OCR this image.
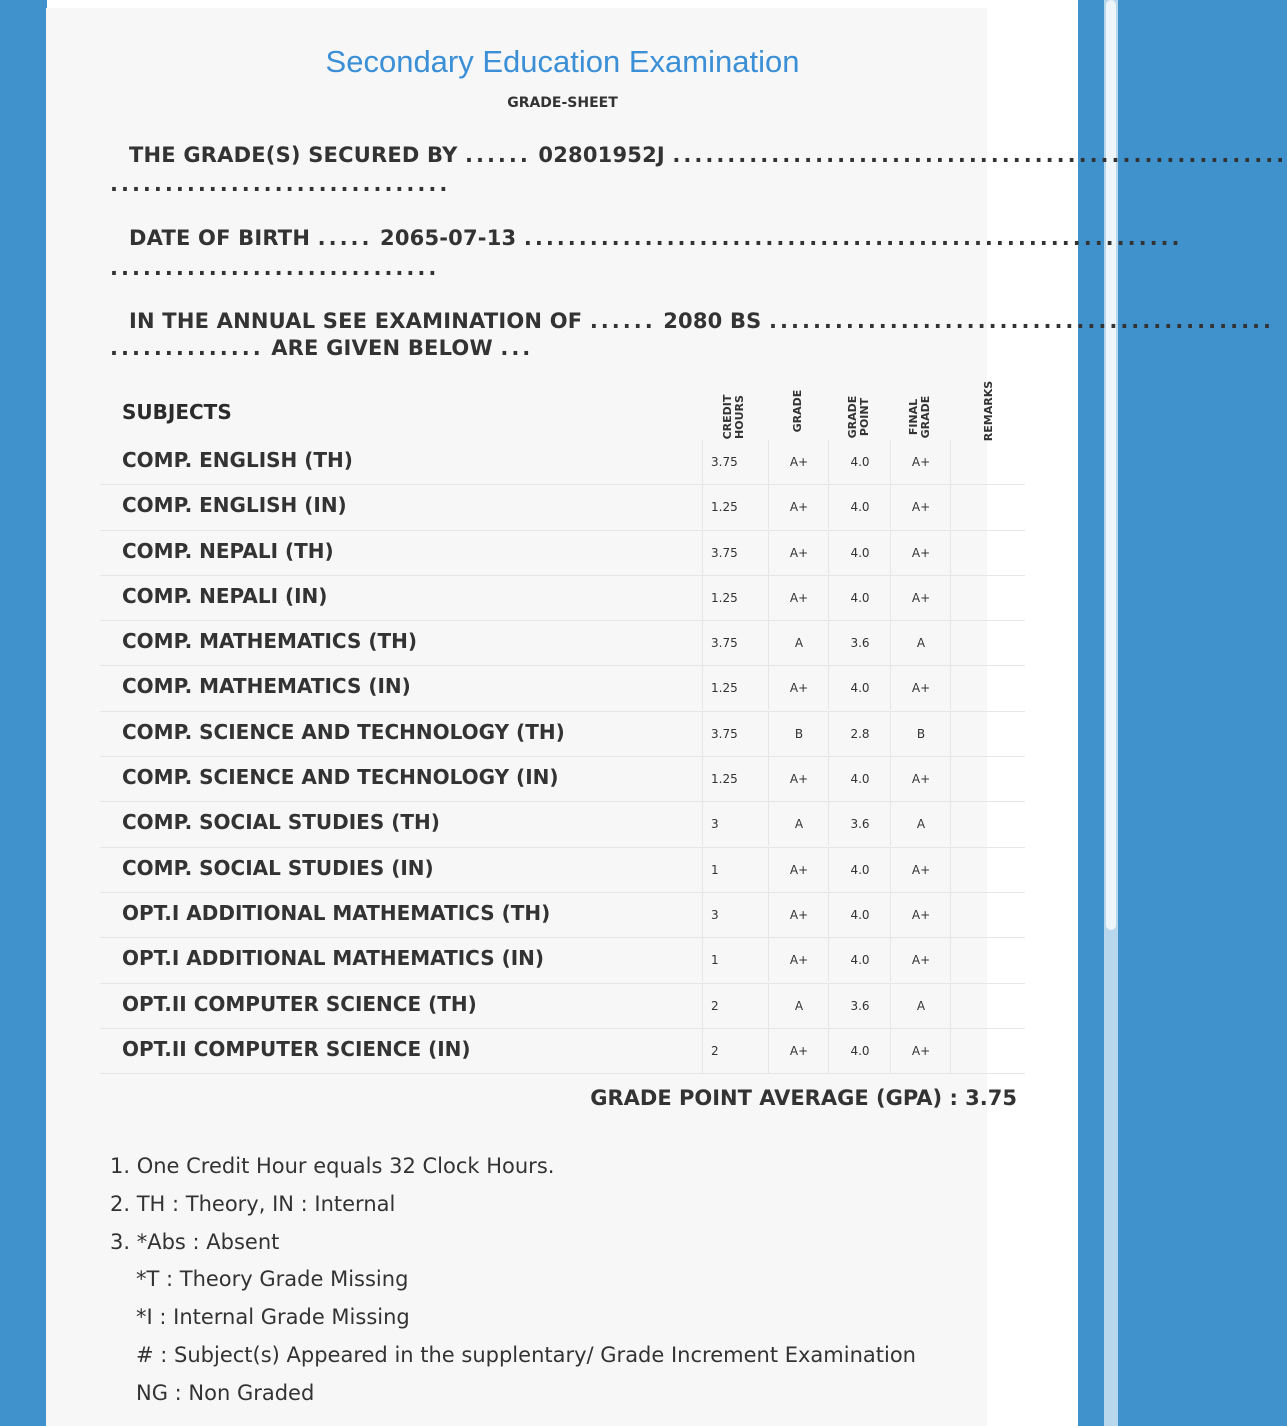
Secondary Education Examination
GRADE-SHEET
THE GRADE(S) SECURED BY ...... 02801952J ........................................................
...............................
DATE OF BIRTH ..... 2065-07-13 ............................................................
..............................
IN THE ANNUAL SEE EXAMINATION OF ...... 2080 BS ..............................................
.............. ARE GIVEN BELOW ...
SUBJECTS	CREDIT HOURS	GRADE	GRADE POINT	FINAL GRADE	REMARKS
COMP. ENGLISH (TH)	3.75	A+	4.0	A+
COMP. ENGLISH (IN)	1.25	A+	4.0	A+
COMP. NEPALI (TH)	3.75	A+	4.0	A+
COMP. NEPALI (IN)	1.25	A+	4.0	A+
COMP. MATHEMATICS (TH)	3.75	A	3.6	A
COMP. MATHEMATICS (IN)	1.25	A+	4.0	A+
COMP. SCIENCE AND TECHNOLOGY (TH)	3.75	B	2.8	B
COMP. SCIENCE AND TECHNOLOGY (IN)	1.25	A+	4.0	A+
COMP. SOCIAL STUDIES (TH)	3	A	3.6	A
COMP. SOCIAL STUDIES (IN)	1	A+	4.0	A+
OPT.I ADDITIONAL MATHEMATICS (TH)	3	A+	4.0	A+
OPT.I ADDITIONAL MATHEMATICS (IN)	1	A+	4.0	A+
OPT.II COMPUTER SCIENCE (TH)	2	A	3.6	A
OPT.II COMPUTER SCIENCE (IN)	2	A+	4.0	A+
GRADE POINT AVERAGE (GPA) : 3.75
1. One Credit Hour equals 32 Clock Hours.
2. TH : Theory, IN : Internal
3. *Abs : Absent
*T : Theory Grade Missing
*I : Internal Grade Missing
# : Subject(s) Appeared in the supplentary/ Grade Increment Examination
NG : Non Graded
